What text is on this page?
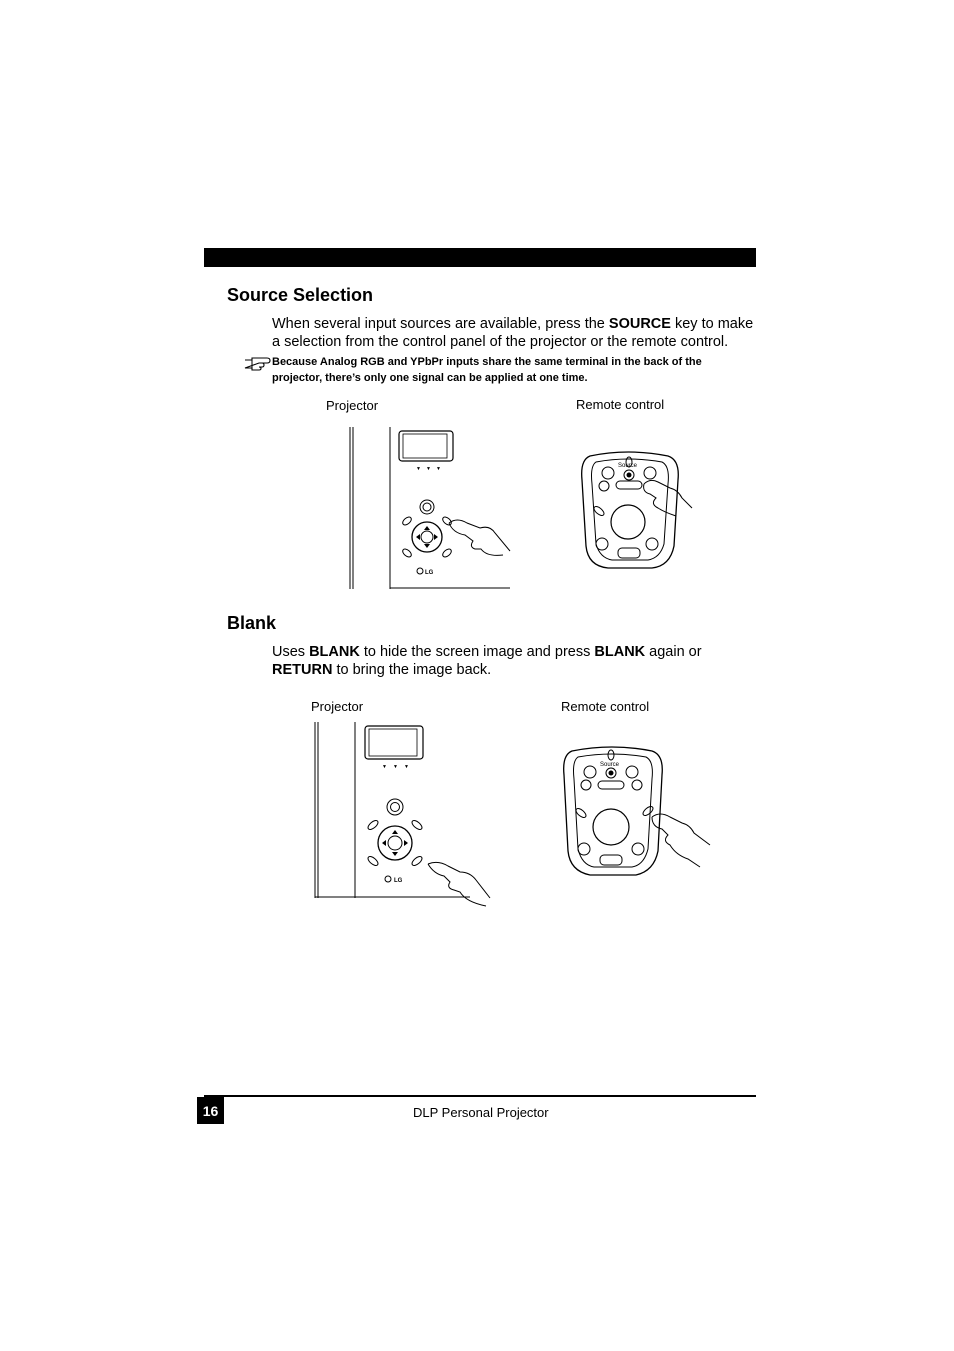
Source Selection

When several input sources are available, press the SOURCE key to make a selection from the control panel of the projector or the remote control.

Because Analog RGB and YPbPr inputs share the same terminal in the back of the projector, there’s only one signal can be applied at one time.

Projector	Remote control
▼ ▼ ▼
LG
Source
Blank

Uses BLANK to hide the screen image and press BLANK again or RETURN to bring the image back.

Projector	Remote control
▼ ▼ ▼
LG
Source
16	DLP Personal Projector
